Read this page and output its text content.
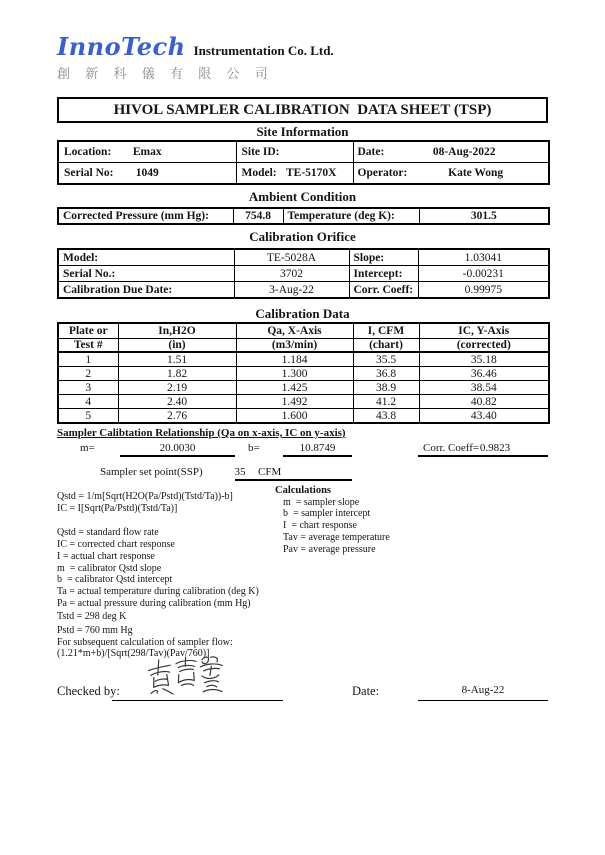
InnoTech Instrumentation Co. Ltd.
創 新 科 儀 有 限 公 司
HIVOL SAMPLER CALIBRATION  DATA SHEET (TSP)
Site Information
Location: Emax	Site ID:	Date: 08-Aug-2022

Serial No: 1049	Model: TE-5170X	Operator: Kate Wong
Ambient Condition
Corrected Pressure (mm Hg):	754.8	Temperature (deg K):	301.5
Calibration Orifice
Model:	TE-5028A	Slope:	1.03041
Serial No.:	3702	Intercept:	-0.00231
Calibration Due Date:	3-Aug-22	Corr. Coeff:	0.99975
Calibration Data
Plate or	In,H2O	Qa, X-Axis	I, CFM	IC, Y-Axis
Test #	(in)	(m3/min)	(chart)	(corrected)
1	1.51	1.184	35.5	35.18
2	1.82	1.300	36.8	36.46
3	2.19	1.425	38.9	38.54
4	2.40	1.492	41.2	40.82
5	2.76	1.600	43.8	43.40
Sampler Calibtation Relationship (Qa on x-axis, IC on y-axis)
m=	20.0030	b=	10.8749	Corr. Coeff= 0.9823
Sampler set point(SSP)	35	CFM
Qstd = 1/m[Sqrt(H2O(Pa/Pstd)(Tstd/Ta))-b]
IC = I[Sqrt(Pa/Pstd)(Tstd/Ta)]
Qstd = standard flow rate
IC = corrected chart response
I = actual chart response
m  = calibrator Qstd slope
b  = calibrator Qstd intercept
Ta = actual temperature during calibration (deg K)
Pa = actual pressure during calibration (mm Hg)
Tstd = 298 deg K
Pstd = 760 mm Hg
For subsequent calculation of sampler flow:
(1.21*m+b)/[Sqrt(298/Tav)(Pav/760)]
Calculations
m  = sampler slope
b  = sampler intercept
I  = chart response
Tav = average temperature
Pav = average pressure
Checked by:	Date:	8-Aug-22
